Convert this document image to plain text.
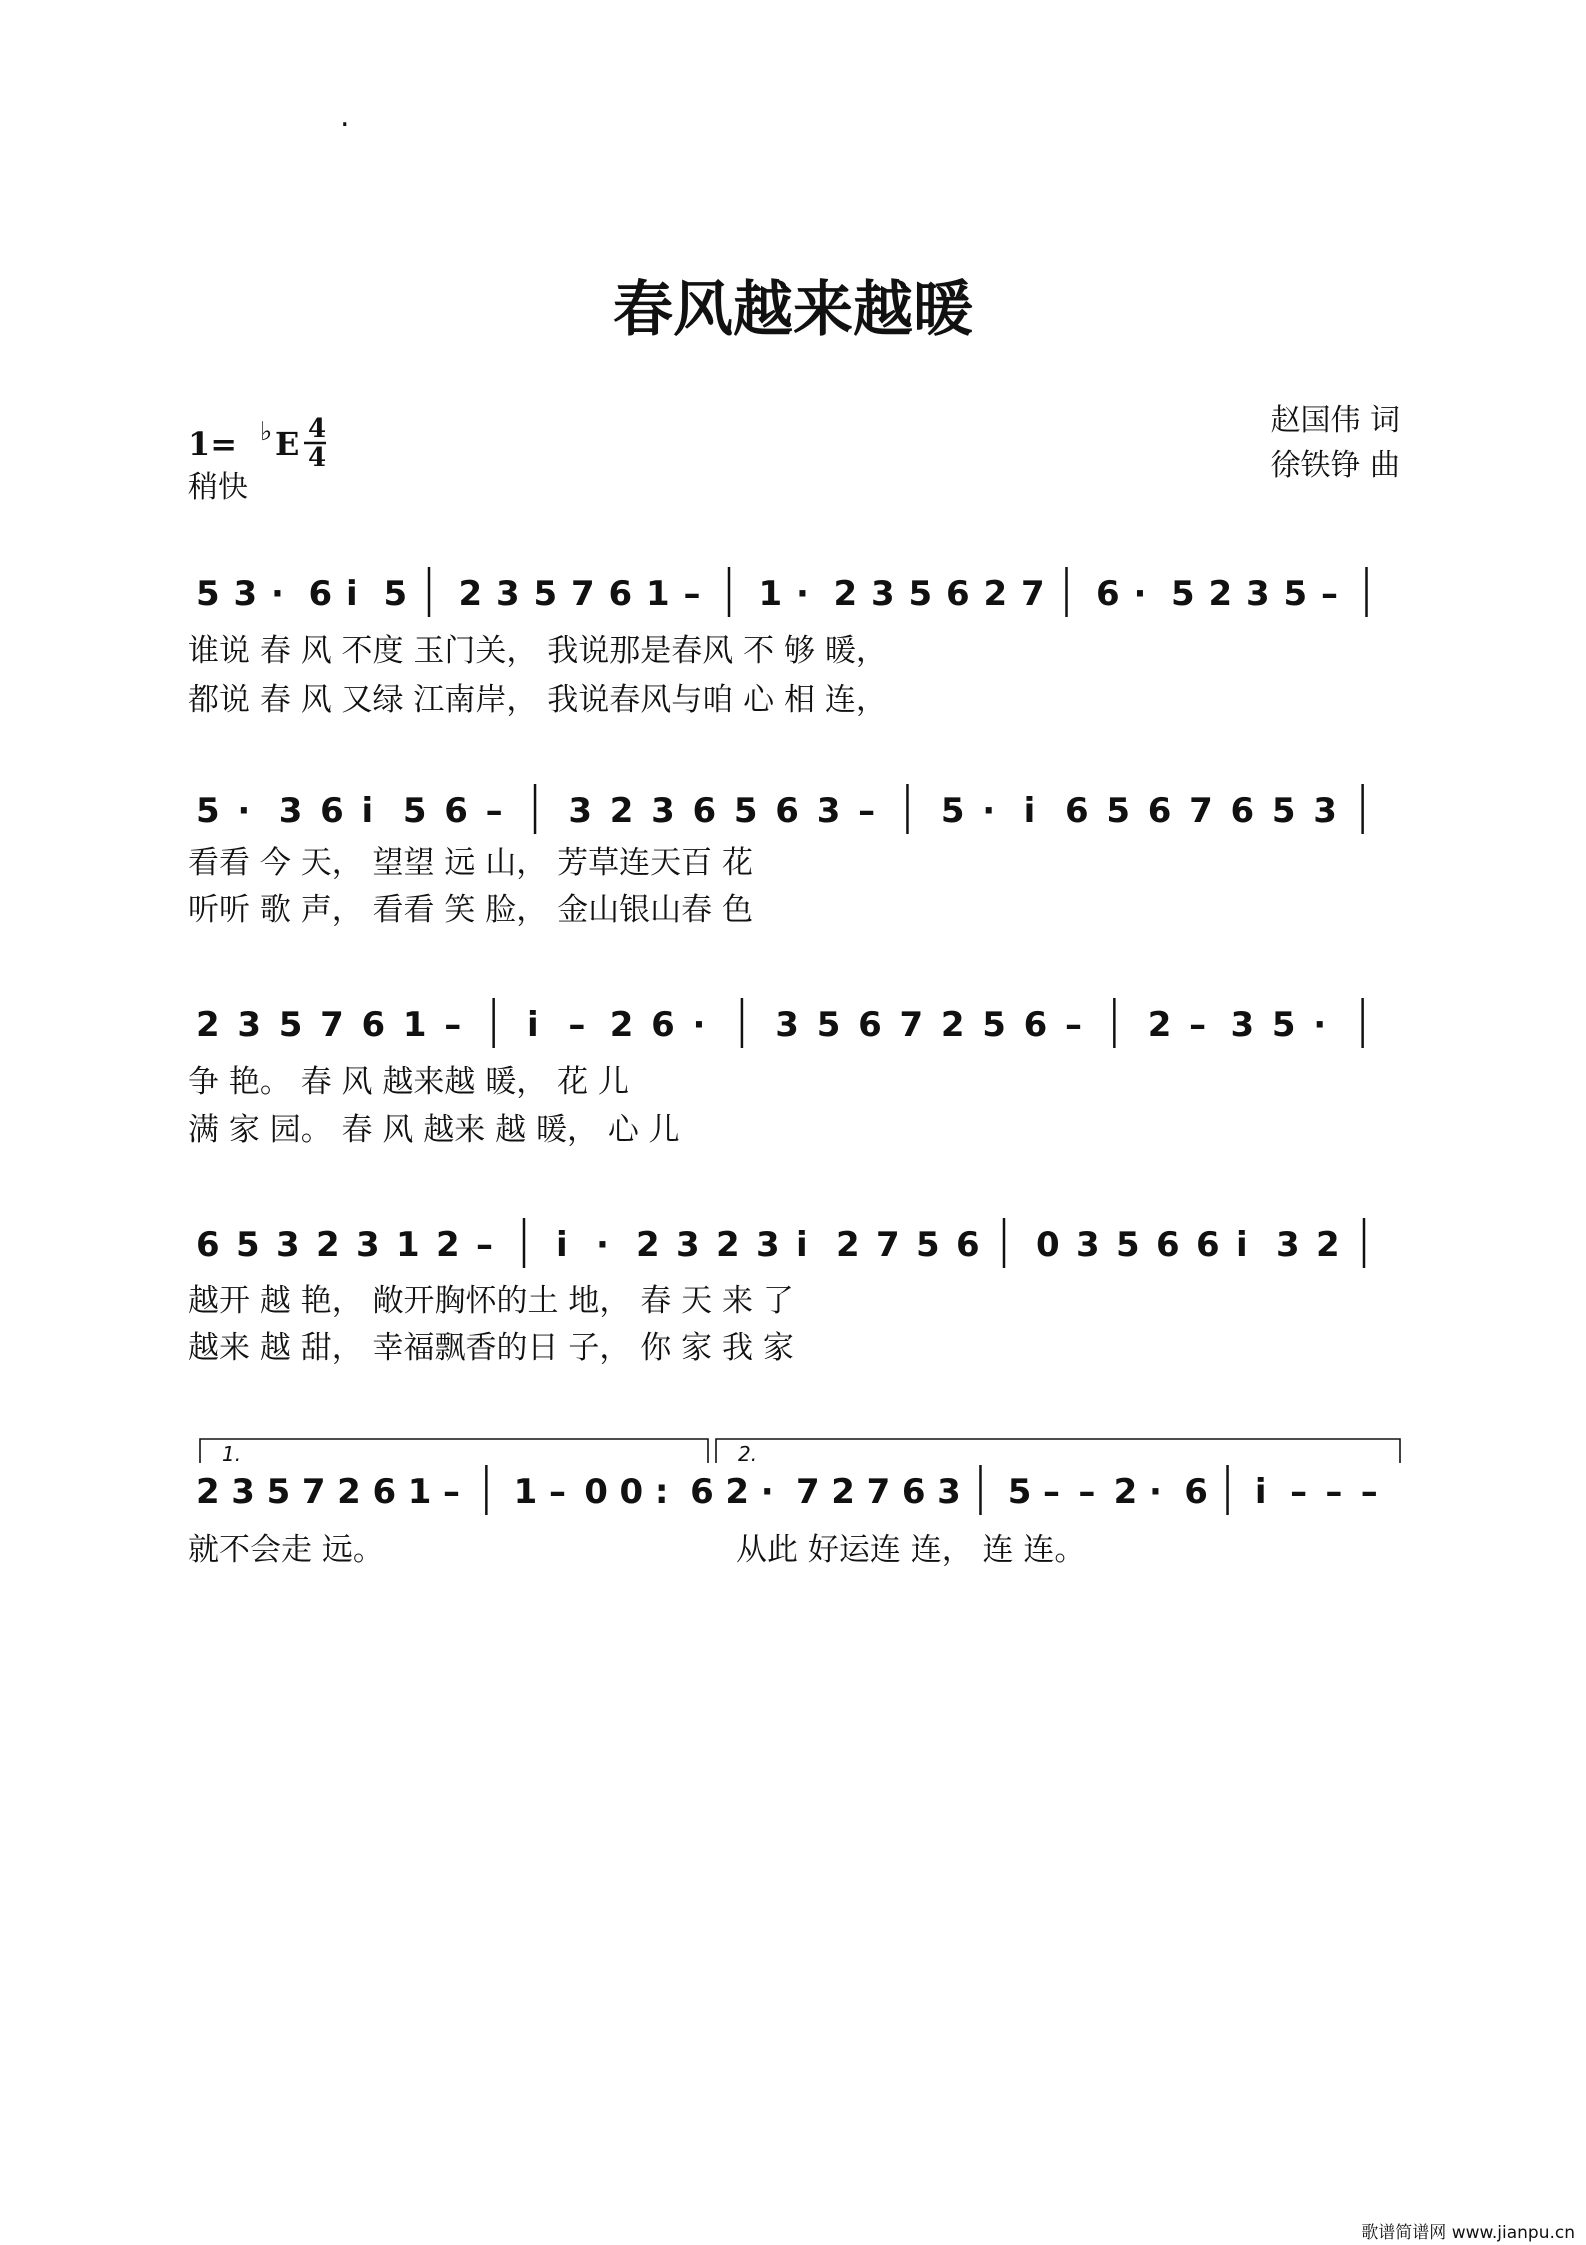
.
春风越来越暖
1= ♭ E 4
4
稍快
赵国伟 词
徐铁铮 曲
谁说 春 风 不度 玉门关， 我说那是春风 不 够 暖，
都说 春 风 又绿 江南岸， 我说春风与咱 心 相 连，
5 3 · 6 i̇ 5 2 3 5 7 6 1 – 1 · 2 3 5 6 2 7 6 · 5 2 3 5 –
看看 今 天， 望望 远 山， 芳草连天百 花
听听 歌 声， 看看 笑 脸， 金山银山春 色
5 · 3 6 i 5 6 – 3 2 3 6 5 6 3 – 5 · i 6 5 6 7 6 5 3
争 艳。 春 风 越来越 暖， 花 儿
满 家 园。 春 风 越来 越 暖， 心 儿
2 3 5 7 6 1 – i – 2 6 · 3 5 6 7 2 5 6 – 2 – 3 5 ·
越开 越 艳， 敞开胸怀的土 地， 春 天 来 了
越来 越 甜， 幸福飘香的日 子， 你 家 我 家
6 5 3 2 3 1 2 – i · 2 3 2 3 i 2 7 5 6 0 3 5 6 6 i 3 2
1.	2.
就不会走 远。	从此 好运连 连， 连 连。
2 3 5 7 2 6 1 – 1 – 0 0 : 6 2 · 7 2 7 6 3 5 – – 2 · 6 i – – –
歌谱简谱网 www.jianpu.cn
